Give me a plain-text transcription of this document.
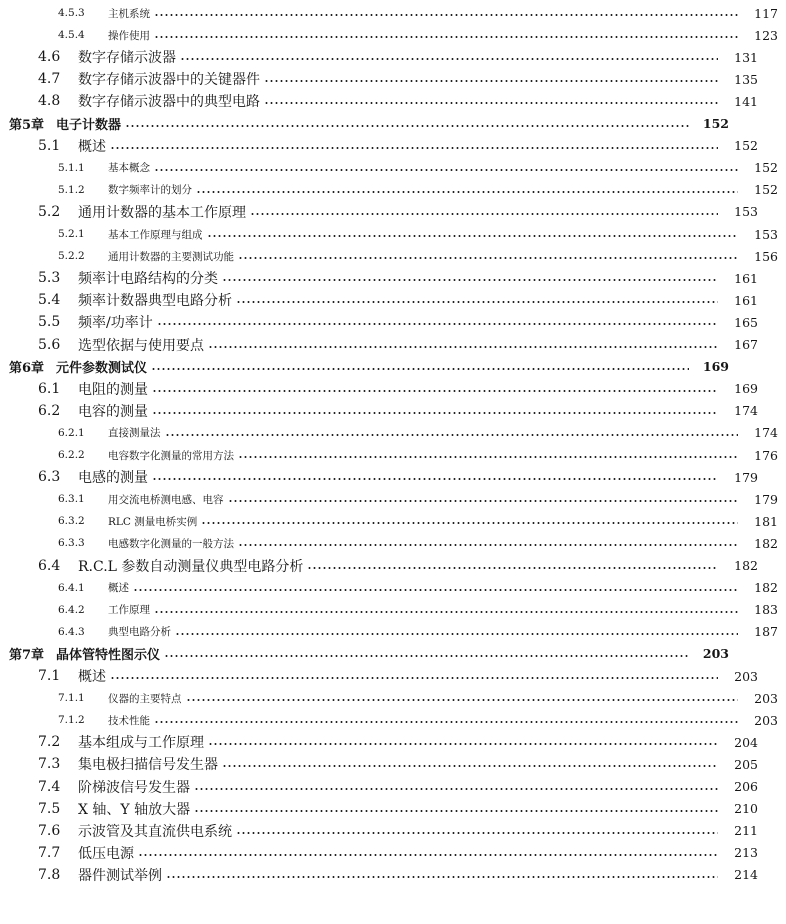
4.5.3	主机系统	117
4.5.4	操作使用	123
4.6	数字存储示波器	131
4.7	数字存储示波器中的关键器件	135
4.8	数字存储示波器中的典型电路	141
第5章 电子计数器	152
5.1	概述	152
5.1.1	基本概念	152
5.1.2	数字频率计的划分	152
5.2	通用计数器的基本工作原理	153
5.2.1	基本工作原理与组成	153
5.2.2	通用计数器的主要测试功能	156
5.3	频率计电路结构的分类	161
5.4	频率计数器典型电路分析	161
5.5	频率/功率计	165
5.6	选型依据与使用要点	167
第6章 元件参数测试仪	169
6.1	电阻的测量	169
6.2	电容的测量	174
6.2.1	直接测量法	174
6.2.2	电容数字化测量的常用方法	176
6.3	电感的测量	179
6.3.1	用交流电桥测电感、电容	179
6.3.2	RLC 测量电桥实例	181
6.3.3	电感数字化测量的一般方法	182
6.4	R.C.L 参数自动测量仪典型电路分析	182
6.4.1	概述	182
6.4.2	工作原理	183
6.4.3	典型电路分析	187
第7章 晶体管特性图示仪	203
7.1	概述	203
7.1.1	仪器的主要特点	203
7.1.2	技术性能	203
7.2	基本组成与工作原理	204
7.3	集电极扫描信号发生器	205
7.4	阶梯波信号发生器	206
7.5	X 轴、Y 轴放大器	210
7.6	示波管及其直流供电系统	211
7.7	低压电源	213
7.8	器件测试举例	214
